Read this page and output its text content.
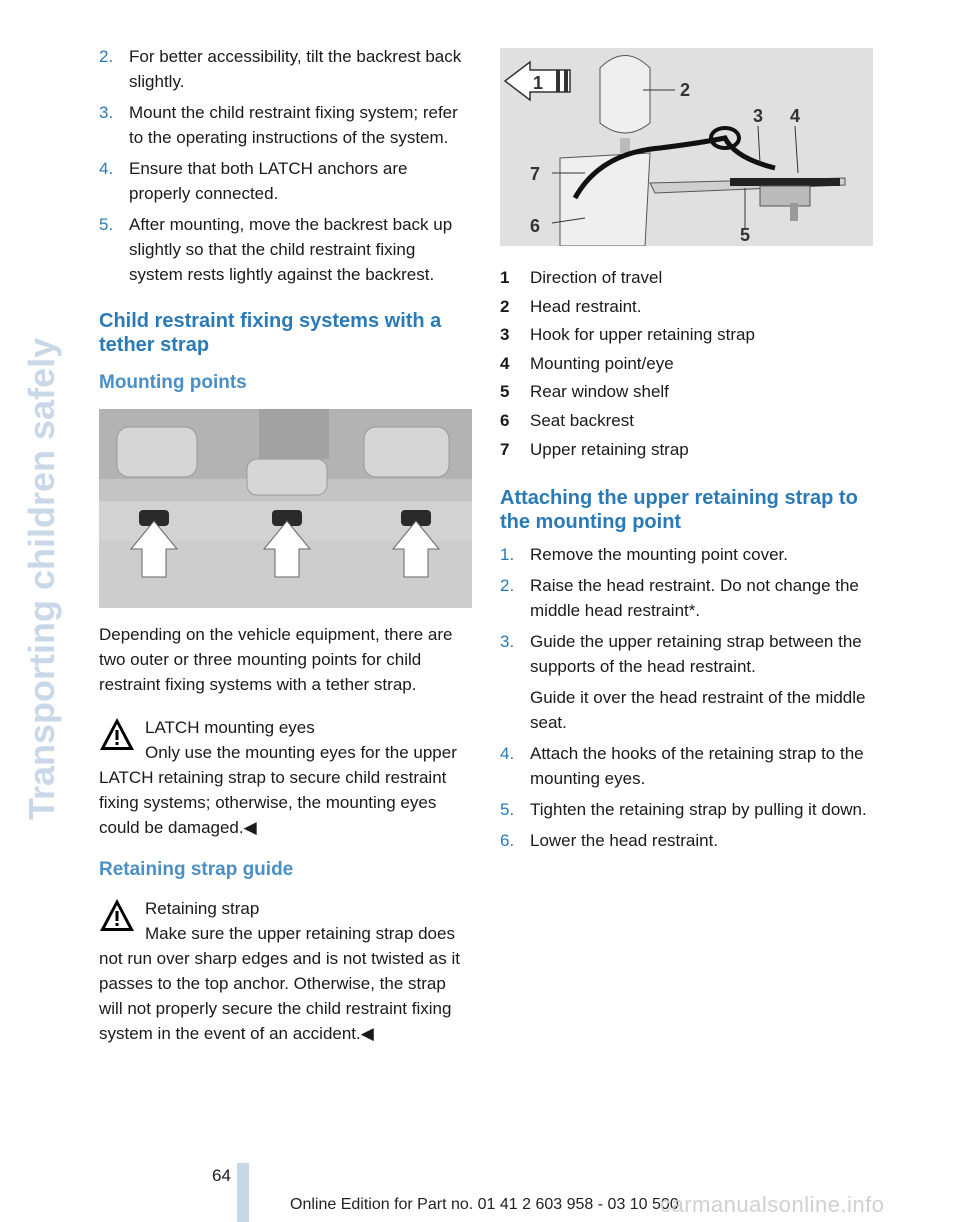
Transporting children safely
2. For better accessibility, tilt the backrest back slightly.
3. Mount the child restraint fixing system; refer to the operating instructions of the system.
4. Ensure that both LATCH anchors are properly connected.
5. After mounting, move the backrest back up slightly so that the child restraint fixing system rests lightly against the backrest.
Child restraint fixing systems with a tether strap
Mounting points

Depending on the vehicle equipment, there are two outer or three mounting points for child restraint fixing systems with a tether strap.

LATCH mounting eyes
Only use the mounting eyes for the upper LATCH retaining strap to secure child restraint fixing systems; otherwise, the mounting eyes could be damaged.◀
Retaining strap guide
Retaining strap
Make sure the upper retaining strap does not run over sharp edges and is not twisted as it passes to the top anchor. Otherwise, the strap will not properly secure the child restraint fixing system in the event of an accident.◀
1	2
3 4
5
6
7
1	Direction of travel
2	Head restraint.
3	Hook for upper retaining strap
4	Mounting point/eye
5	Rear window shelf
6	Seat backrest
7	Upper retaining strap
Attaching the upper retaining strap to the mounting point
1. Remove the mounting point cover.
2. Raise the head restraint. Do not change the middle head restraint*.
3. Guide the upper retaining strap between the supports of the head restraint.
Guide it over the head restraint of the middle seat.
4. Attach the hooks of the retaining strap to the mounting eyes.
5. Tighten the retaining strap by pulling it down.
6. Lower the head restraint.
64
Online Edition for Part no. 01 41 2 603 958 - 03 10 500
carmanualsonline.info
